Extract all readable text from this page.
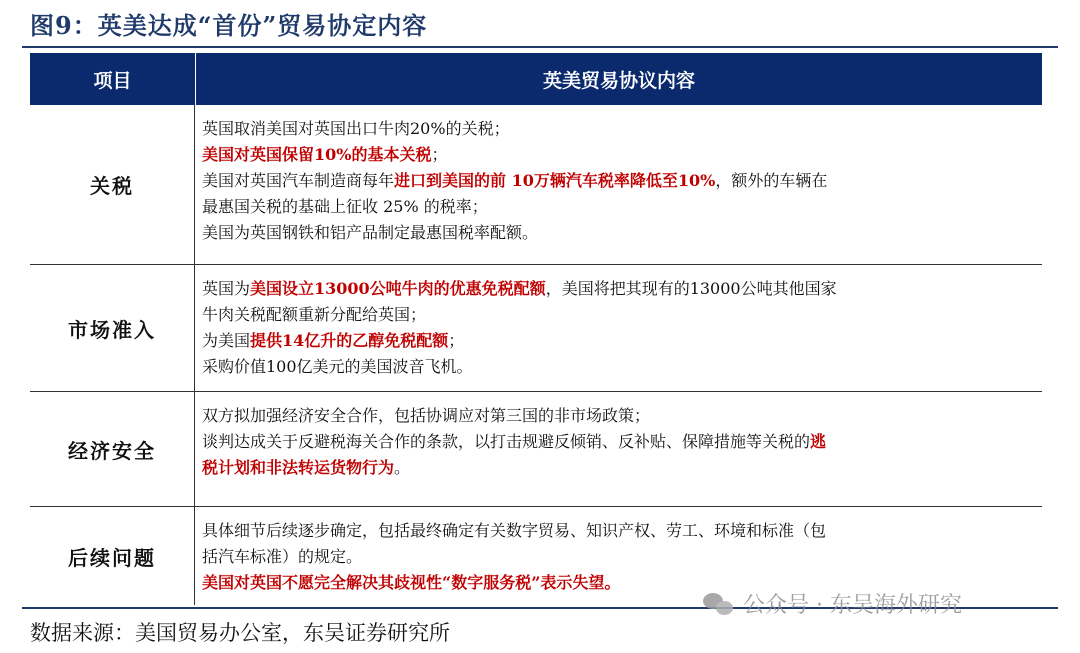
图9：英美达成“首份”贸易协定内容
项目	英美贸易协议内容
关税
英国取消美国对英国出口牛肉20%的关税；
美国对英国保留10%的基本关税；
美国对英国汽车制造商每年进口到美国的前 10万辆汽车税率降低至10%，额外的车辆在
最惠国关税的基础上征收 25% 的税率；
美国为英国钢铁和铝产品制定最惠国税率配额。
市场准入
英国为美国设立13000公吨牛肉的优惠免税配额，美国将把其现有的13000公吨其他国家
牛肉关税配额重新分配给英国；
为美国提供14亿升的乙醇免税配额；
采购价值100亿美元的美国波音飞机。
经济安全
双方拟加强经济安全合作，包括协调应对第三国的非市场政策；
谈判达成关于反避税海关合作的条款，以打击规避反倾销、反补贴、保障措施等关税的逃
税计划和非法转运货物行为。
后续问题
具体细节后续逐步确定，包括最终确定有关数字贸易、知识产权、劳工、环境和标准（包
括汽车标准）的规定。
美国对英国不愿完全解决其歧视性“数字服务税”表示失望。
数据来源：美国贸易办公室，东吴证券研究所
公众号 · 东吴海外研究
